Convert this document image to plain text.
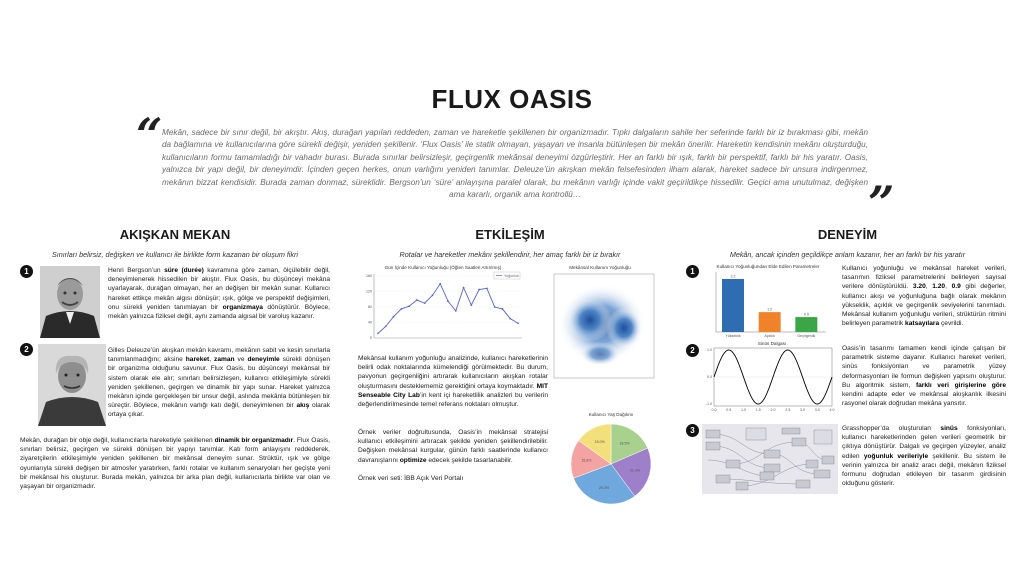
FLUX OASIS
“ Mekân, sadece bir sınır değil, bir akıştır. Akış, durağan yapılan reddeden, zaman ve hareketle şekillenen bir organizmadır. Tıpkı dalgaların sahile her seferinde farklı bir iz bırakması gibi, mekân da bağlamına ve kullanıcılarına göre sürekli değişir, yeniden şekillenir. ‘Flux Oasis’ ile statik olmayan, yaşayan ve insanla bütünleşen bir mekân önerilir. Hareketin kendisinin mekânı oluşturduğu, kullanıcıların formu tamamladığı bir vahadır burası. Burada sınırlar belirsizleşir, geçirgenlik mekânsal deneyimi özgürleştirir. Her an farklı bir ışık, farklı bir perspektif, farklı bir his yaratır. Oasis, yalnızca bir yapı değil, bir deneyimdir. İçinden geçen herkes, onun varlığını yeniden tanımlar. Deleuze’ün akışkan mekân felsefesinden ilham alarak, hareket sadece bir unsura indirgenmez, mekânın bizzat kendisidir. Burada zaman donmaz, süreklidir. Bergson’un ‘süre’ anlayışına paralel olarak, bu mekânın varlığı içinde vakit geçirildikçe hissedilir. Geçici ama unutulmaz, değişken ama kararlı, organik ama kontrollü…	”
AKIŞKAN MEKAN
Sınırları belirsiz, değişken ve kullanıcı ile birlikte form kazanan bir oluşum fikri
1	Henri Bergson’un süre (durée) kavramına göre zaman, ölçülebilir değil, deneyimlenerek hissedilen bir akıştır. Flux Oasis, bu düşünceyi mekâna uyarlayarak, durağan olmayan, her an değişen bir mekân sunar. Kullanıcı hareket ettikçe mekân algısı dönüşür; ışık, gölge ve perspektif değişimleri, onu sürekli yeniden tanımlayan bir organizmaya dönüştürür. Böylece, mekân yalnızca fiziksel değil, aynı zamanda algısal bir varoluş kazanır.
2	Gilles Deleuze’ün akışkan mekân kavramı, mekânın sabit ve kesin sınırlarla tanımlanmadığını; aksine hareket, zaman ve deneyimle sürekli dönüşen bir organizma olduğunu savunur. Flux Oasis, bu düşünceyi mekânsal bir sistem olarak ele alır; sınırları belirsizleşen, kullanıcı etkileşimiyle sürekli yeniden şekillenen, geçirgen ve dinamik bir yapı sunar. Hareket yalnızca mekânın içinde gerçekleşen bir unsur değil, aslında mekânla bütünleşen bir süreçtir. Böylece, mekânın varlığı katı değil, deneyimlenen bir akış olarak ortaya çıkar.
Mekân, durağan bir obje değil, kullanıcılarla hareketiyle şekillenen dinamik bir organizmadır. Flux Oasis, sınırları belirsiz, geçirgen ve sürekli dönüşen bir yapıyı tanımlar. Katı form anlayışını reddederek, ziyaretçilerin etkileşimiyle yeniden şekillenen bir mekânsal deneyim sunar. Strüktür, ışık ve gölge oyunlarıyla sürekli değişen bir atmosfer yaratırken, farklı rotalar ve kullanım senaryoları her geçişte yeni bir mekânsal his oluşturur. Burada mekân, yalnızca bir arka plan değil, kullanıcılarla birlikte var olan ve yaşayan bir organizmadır.
ETKİLEŞİM
Rotalar ve hareketler mekânı şekillendirir, her amaç farklı bir iz bırakır
Gün İçinde Kullanıcı Yoğunluğu (Öğlen Saatleri Artırılmış)
Yoğunluk
0
40
80
120
160
Mekânsal Kullanım Yoğunluğu
Mekânsal kullanım yoğunluğu analizinde, kullanıcı hareketlerinin belirli odak noktalarında kümelendiği görülmektedir. Bu durum, pavyonun geçirgenliğini artırarak kullanıcıların akışkan rotalar oluşturmasını desteklememiz gerektiğini ortaya koymaktadır. MIT Senseable City Lab’in kent içi hareketlilik analizleri bu verilerin değerlendirilmesinde temel referans noktaları olmuştur.
Örnek veriler doğrultusunda, Oasis’in mekânsal stratejisi kullanıcı etkileşimini artıracak şekilde yeniden şekillendirilebilir. Değişken mekânsal kurgular, günün farklı saatlerinde kullanıcı davranışlarını optimize edecek şekilde tasarlanabilir.
Örnek veri seti: İBB Açık Veri Portalı
Kullanıcı Yaş Dağılımı
18.5%
21.4%
29.3%
15.8%
15.0%
DENEYİM
Mekân, ancak içinden geçildikçe anlam kazanır, her an farklı bir his yaratır
1
Kullanıcı Yoğunluğundan Elde Edilen Parametreler
3.2
Yükseklik
1.2
Açıklık
0.9
Geçirgenlik
Kullanıcı yoğunluğu ve mekânsal hareket verileri, tasarımın fiziksel parametrelerini belirleyen sayısal verilere dönüştürüldü. 3.20, 1.20, 0.9 gibi değerler, kullanıcı akışı ve yoğunluğuna bağlı olarak mekânın yükseklik, açıklık ve geçirgenlik seviyelerini tanımladı. Mekânsal kullanım yoğunluğu verileri, strüktürün ritmini belirleyen parametrik katsayılara çevrildi.
2
Sinüs Dalgası
0.0	0.5	1.0	1.5	2.0	2.5	3.0	3.5	4.0
-1.0
0.0
1.0	Oasis’in tasarımı tamamen kendi içinde çalışan bir parametrik sisteme dayanır. Kullanıcı hareket verileri, sinüs fonksiyonları ve parametrik yüzey deformasyonları ile formun değişken yapısını oluşturur. Bu algoritmik sistem, farklı veri girişlerine göre kendini adapte eder ve mekânsal akışkanlık ilkesini rasyonel olarak doğrudan mekâna yansıtır.
3	Grasshopper’da oluşturulan sinüs fonksiyonları, kullanıcı hareketlerinden gelen verileri geometrik bir çıktıya dönüştürür. Dalgalı ve geçirgen yüzeyler, analiz edilen yoğunluk verileriyle şekillenir. Bu sistem ile verinin yalnızca bir analiz aracı değil, mekânın fiziksel formunu doğrudan etkileyen bir tasarım girdisinin olduğunu gösterir.
